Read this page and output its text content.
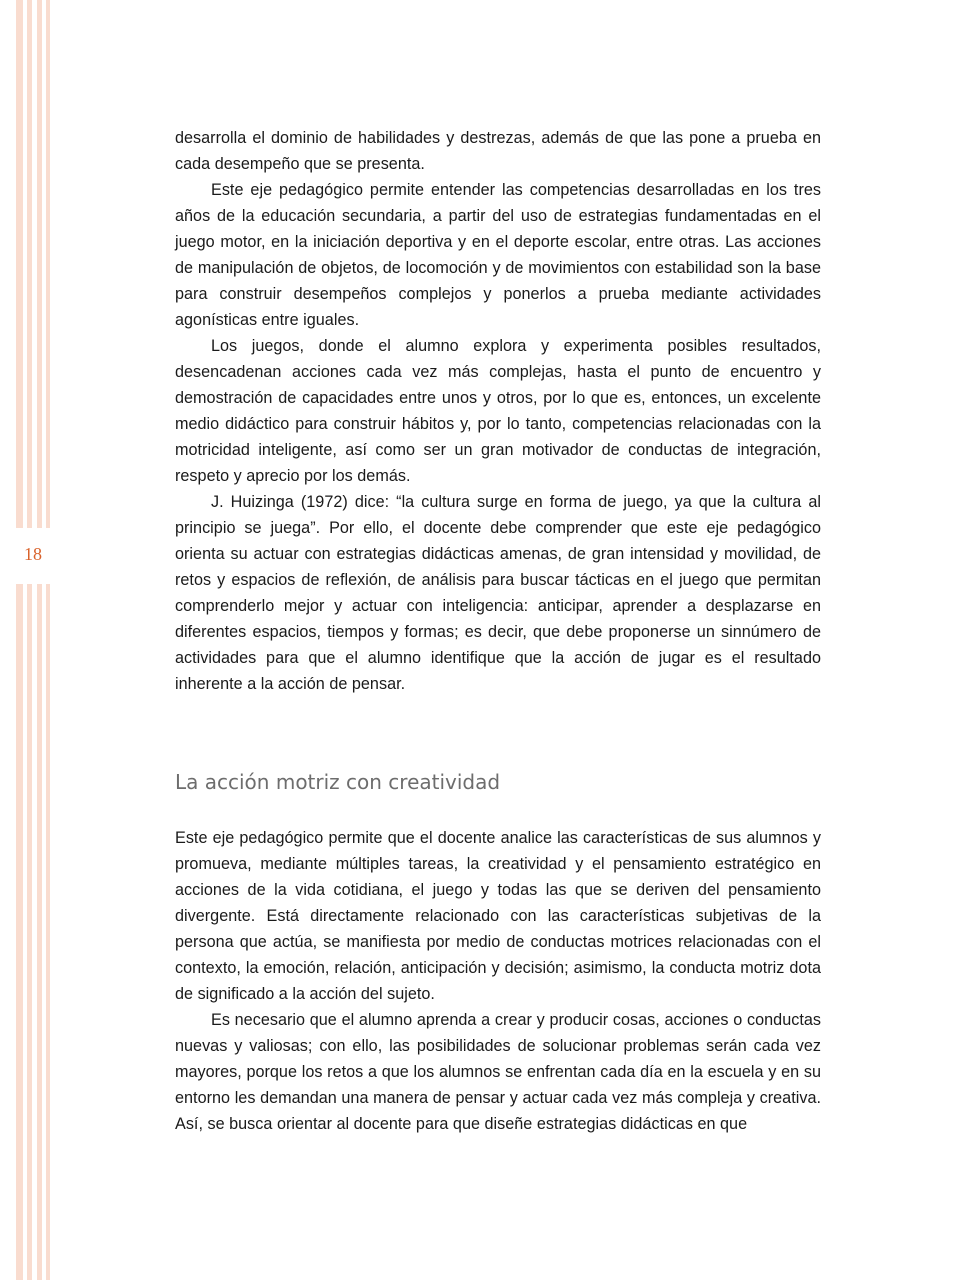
18

desarrolla el dominio de habilidades y destrezas, además de que las pone a prueba en cada desempeño que se presenta.

Este eje pedagógico permite entender las competencias desarrolladas en los tres años de la educación secundaria, a partir del uso de estrategias fundamentadas en el juego motor, en la iniciación deportiva y en el deporte escolar, entre otras. Las acciones de manipulación de objetos, de locomoción y de movimientos con estabilidad son la base para construir desempeños complejos y ponerlos a prueba mediante actividades agonísticas entre iguales.

Los juegos, donde el alumno explora y experimenta posibles resultados, desencadenan acciones cada vez más complejas, hasta el punto de encuentro y demostración de capacidades entre unos y otros, por lo que es, entonces, un excelente medio didáctico para construir hábitos y, por lo tanto, competencias relacionadas con la motricidad inteligente, así como ser un gran motivador de conductas de integración, respeto y aprecio por los demás.

J. Huizinga (1972) dice: “la cultura surge en forma de juego, ya que la cultura al principio se juega”. Por ello, el docente debe comprender que este eje pedagógico orienta su actuar con estrategias didácticas amenas, de gran intensidad y movilidad, de retos y espacios de reflexión, de análisis para buscar tácticas en el juego que permitan comprenderlo mejor y actuar con inteligencia: anticipar, aprender a desplazarse en diferentes espacios, tiempos y formas; es decir, que debe proponerse un sinnúmero de actividades para que el alumno identifique que la acción de jugar es el resultado inherente a la acción de pensar.

La acción motriz con creatividad

Este eje pedagógico permite que el docente analice las características de sus alumnos y promueva, mediante múltiples tareas, la creatividad y el pensamiento estratégico en acciones de la vida cotidiana, el juego y todas las que se deriven del pensamiento divergente. Está directamente relacionado con las características subjetivas de la persona que actúa, se manifiesta por medio de conductas motrices relacionadas con el contexto, la emoción, relación, anticipación y decisión; asimismo, la conducta motriz dota de significado a la acción del sujeto.

Es necesario que el alumno aprenda a crear y producir cosas, acciones o conductas nuevas y valiosas; con ello, las posibilidades de solucionar problemas serán cada vez mayores, porque los retos a que los alumnos se enfrentan cada día en la escuela y en su entorno les demandan una manera de pensar y actuar cada vez más compleja y creativa. Así, se busca orientar al docente para que diseñe estrategias didácticas en que
